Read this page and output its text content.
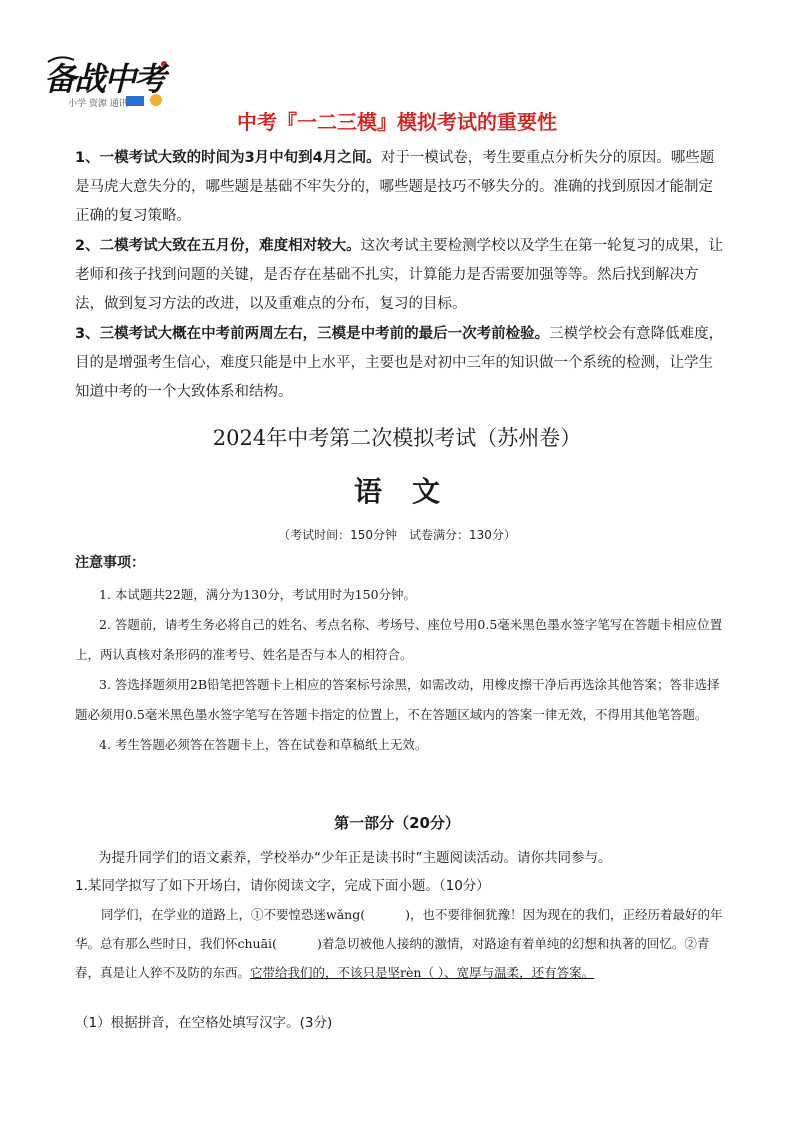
备战中考
小学 资源 通讯
中考『一二三模』模拟考试的重要性

1、一模考试大致的时间为3月中旬到4月之间。对于一模试卷，考生要重点分析失分的原因。哪些题是马虎大意失分的，哪些题是基础不牢失分的，哪些题是技巧不够失分的。准确的找到原因才能制定正确的复习策略。

2、二模考试大致在五月份，难度相对较大。这次考试主要检测学校以及学生在第一轮复习的成果，让老师和孩子找到问题的关键，是否存在基础不扎实，计算能力是否需要加强等等。然后找到解决方法，做到复习方法的改进，以及重难点的分布，复习的目标。

3、三模考试大概在中考前两周左右，三模是中考前的最后一次考前检验。三模学校会有意降低难度，目的是增强考生信心，难度只能是中上水平，主要也是对初中三年的知识做一个系统的检测，让学生知道中考的一个大致体系和结构。

2024年中考第二次模拟考试（苏州卷）
语文
（考试时间：150分钟　试卷满分：130分）
注意事项：

1. 本试题共22题，满分为130分，考试用时为150分钟。

2. 答题前，请考生务必将自己的姓名、考点名称、考场号、座位号用0.5毫米黑色墨水签字笔写在答题卡相应位置上，两认真核对条形码的准考号、姓名是否与本人的相符合。

3. 答选择题须用2B铅笔把答题卡上相应的答案标号涂黑，如需改动，用橡皮擦干净后再选涂其他答案；答非选择题必须用0.5毫米黑色墨水签字笔写在答题卡指定的位置上，不在答题区域内的答案一律无效，不得用其他笔答题。

4. 考生答题必须答在答题卡上，答在试卷和草稿纸上无效。

第一部分（20分）
为提升同学们的语文素养，学校举办“少年正是读书时”主题阅读活动。请你共同参与。
1.某同学拟写了如下开场白，请你阅读文字，完成下面小题。（10分）

同学们，在学业的道路上，①不要惶恐迷wǎng(	)，也不要徘徊犹豫！因为现在的我们，正经历着最好的年华。总有那么些时日，我们怀chuāi(	)着急切被他人接纳的激情，对路途有着单纯的幻想和执著的回忆。②青春，真是让人猝不及防的东西。它带给我们的，不该只是坚rèn（ ）、宽厚与温柔，还有答案。

（1）根据拼音，在空格处填写汉字。(3分)
